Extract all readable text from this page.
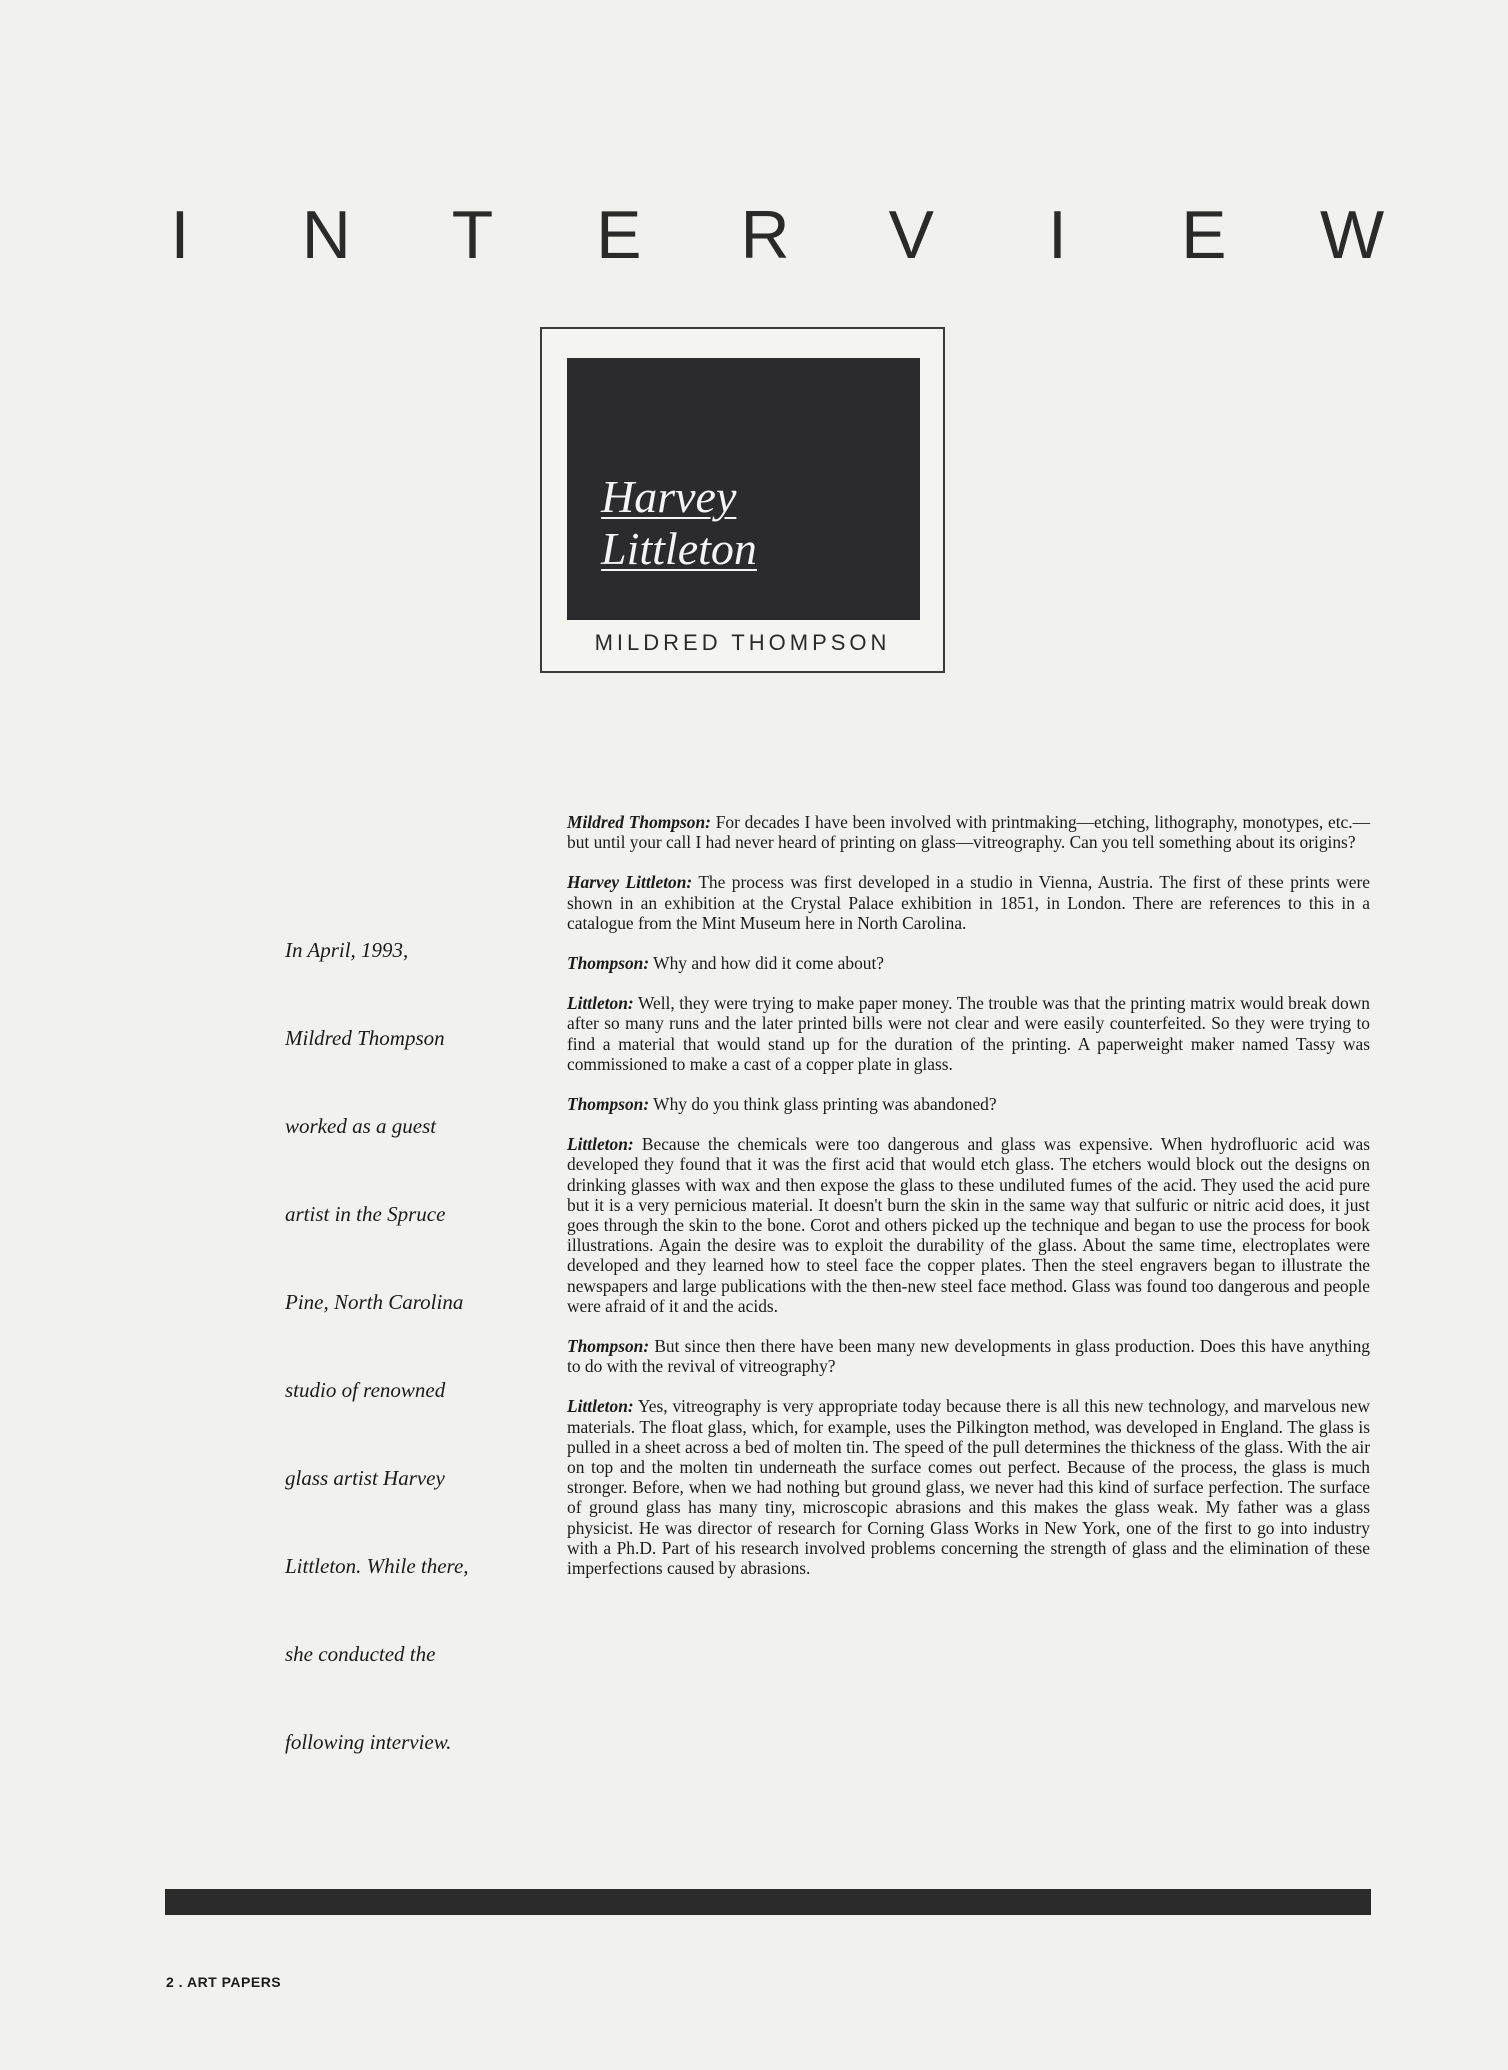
I	N T E R V	I	E W
Harvey
Littleton
MILDRED THOMPSON
In April, 1993,
Mildred Thompson
worked as a guest
artist in the Spruce
Pine, North Carolina
studio of renowned
glass artist Harvey
Littleton. While there,
she conducted the
following interview.

Mildred Thompson: For decades I have been involved with printmaking—etching, lithography, monotypes, etc.—but until your call I had never heard of printing on glass—vitreography. Can you tell something about its origins?

Harvey Littleton: The process was first developed in a studio in Vienna, Austria. The first of these prints were shown in an exhibition at the Crystal Palace exhibition in 1851, in London. There are references to this in a catalogue from the Mint Museum here in North Carolina.

Thompson: Why and how did it come about?

Littleton: Well, they were trying to make paper money. The trouble was that the printing matrix would break down after so many runs and the later printed bills were not clear and were easily counterfeited. So they were trying to find a material that would stand up for the duration of the printing. A paperweight maker named Tassy was commissioned to make a cast of a copper plate in glass.

Thompson: Why do you think glass printing was abandoned?

Littleton: Because the chemicals were too dangerous and glass was expensive. When hydrofluoric acid was developed they found that it was the first acid that would etch glass. The etchers would block out the designs on drinking glasses with wax and then expose the glass to these undiluted fumes of the acid. They used the acid pure but it is a very pernicious material. It doesn't burn the skin in the same way that sulfuric or nitric acid does, it just goes through the skin to the bone. Corot and others picked up the technique and began to use the process for book illustrations. Again the desire was to exploit the durability of the glass. About the same time, electroplates were developed and they learned how to steel face the copper plates. Then the steel engravers began to illustrate the newspapers and large publications with the then-new steel face method. Glass was found too dangerous and people were afraid of it and the acids.

Thompson: But since then there have been many new developments in glass production. Does this have anything to do with the revival of vitreography?

Littleton: Yes, vitreography is very appropriate today because there is all this new technology, and marvelous new materials. The float glass, which, for example, uses the Pilkington method, was developed in England. The glass is pulled in a sheet across a bed of molten tin. The speed of the pull determines the thickness of the glass. With the air on top and the molten tin underneath the surface comes out perfect. Because of the process, the glass is much stronger. Before, when we had nothing but ground glass, we never had this kind of surface perfection. The surface of ground glass has many tiny, microscopic abrasions and this makes the glass weak. My father was a glass physicist. He was director of research for Corning Glass Works in New York, one of the first to go into industry with a Ph.D. Part of his research involved problems concerning the strength of glass and the elimination of these imperfections caused by abrasions.

2 . ART PAPERS
